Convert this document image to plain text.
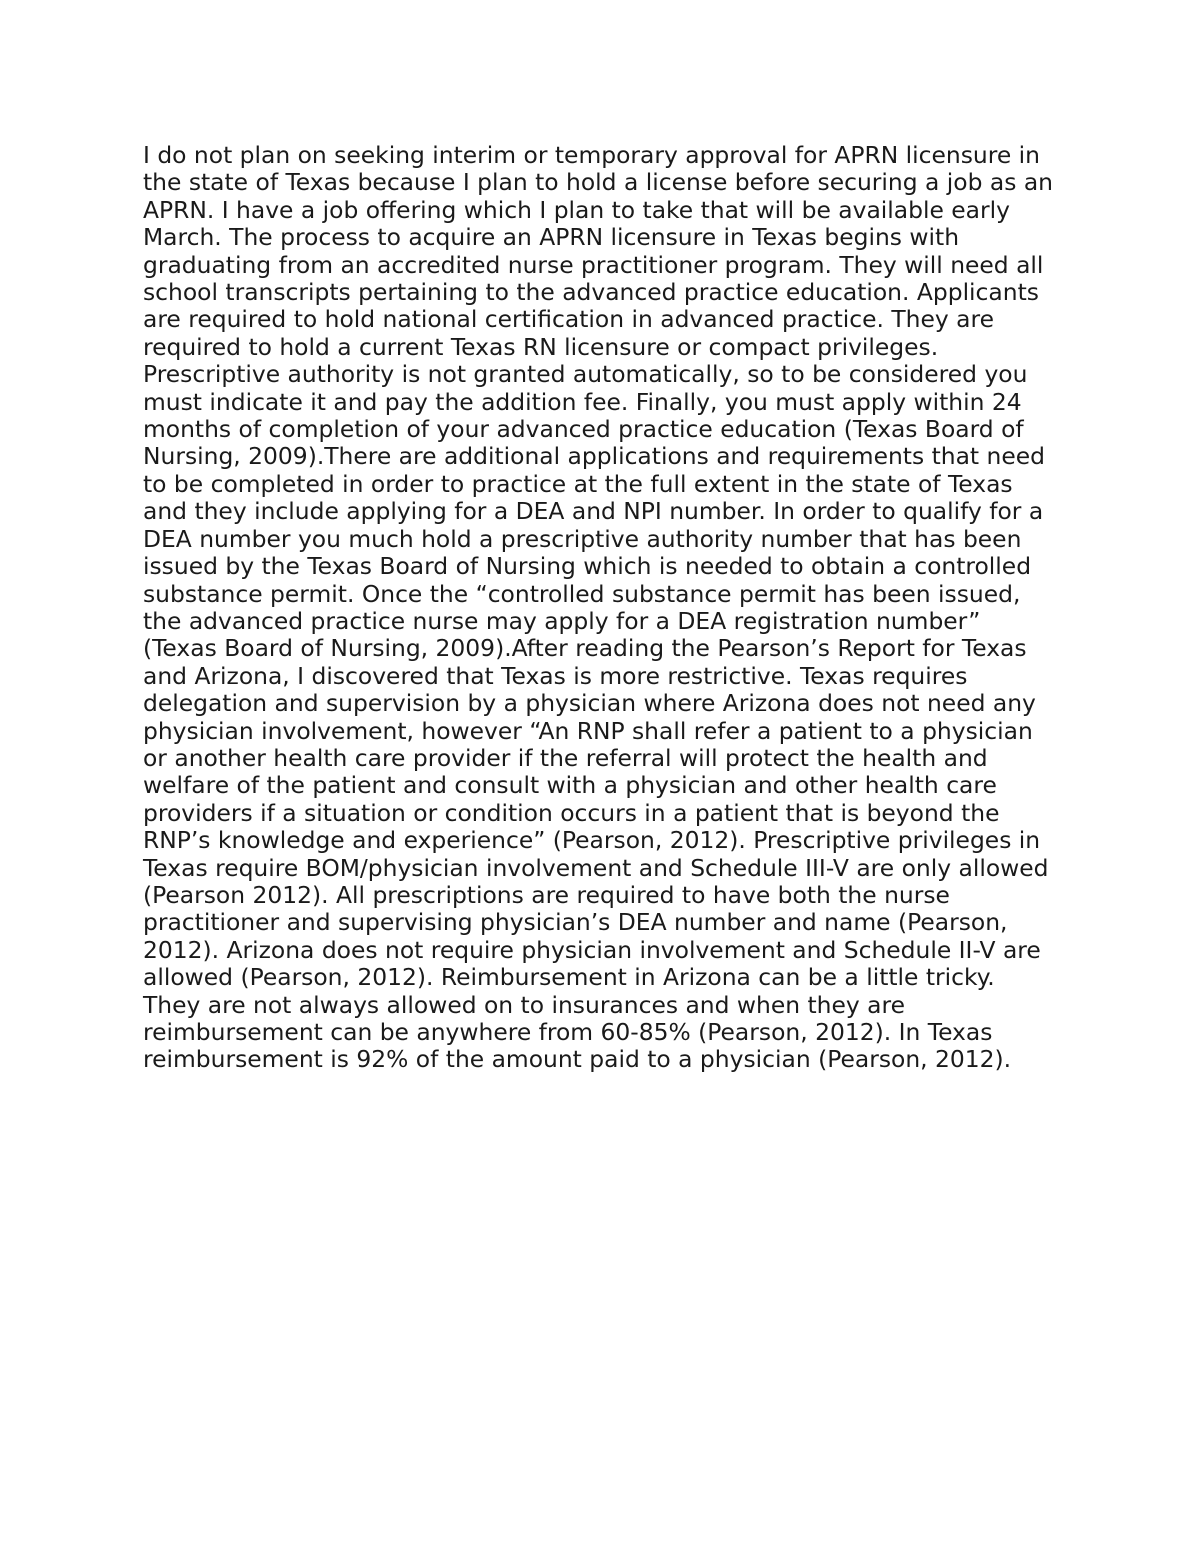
I do not plan on seeking interim or temporary approval for APRN licensure in
the state of Texas because I plan to hold a license before securing a job as an
APRN. I have a job offering which I plan to take that will be available early
March. The process to acquire an APRN licensure in Texas begins with
graduating from an accredited nurse practitioner program. They will need all
school transcripts pertaining to the advanced practice education. Applicants
are required to hold national certification in advanced practice. They are
required to hold a current Texas RN licensure or compact privileges.
Prescriptive authority is not granted automatically, so to be considered you
must indicate it and pay the addition fee. Finally, you must apply within 24
months of completion of your advanced practice education (Texas Board of
Nursing, 2009).There are additional applications and requirements that need
to be completed in order to practice at the full extent in the state of Texas
and they include applying for a DEA and NPI number. In order to qualify for a
DEA number you much hold a prescriptive authority number that has been
issued by the Texas Board of Nursing which is needed to obtain a controlled
substance permit. Once the “controlled substance permit has been issued,
the advanced practice nurse may apply for a DEA registration number”
(Texas Board of Nursing, 2009).After reading the Pearson’s Report for Texas
and Arizona, I discovered that Texas is more restrictive. Texas requires
delegation and supervision by a physician where Arizona does not need any
physician involvement, however “An RNP shall refer a patient to a physician
or another health care provider if the referral will protect the health and
welfare of the patient and consult with a physician and other health care
providers if a situation or condition occurs in a patient that is beyond the
RNP’s knowledge and experience” (Pearson, 2012). Prescriptive privileges in
Texas require BOM/physician involvement and Schedule III-V are only allowed
(Pearson 2012). All prescriptions are required to have both the nurse
practitioner and supervising physician’s DEA number and name (Pearson,
2012). Arizona does not require physician involvement and Schedule II-V are
allowed (Pearson, 2012). Reimbursement in Arizona can be a little tricky.
They are not always allowed on to insurances and when they are
reimbursement can be anywhere from 60-85% (Pearson, 2012). In Texas
reimbursement is 92% of the amount paid to a physician (Pearson, 2012).
